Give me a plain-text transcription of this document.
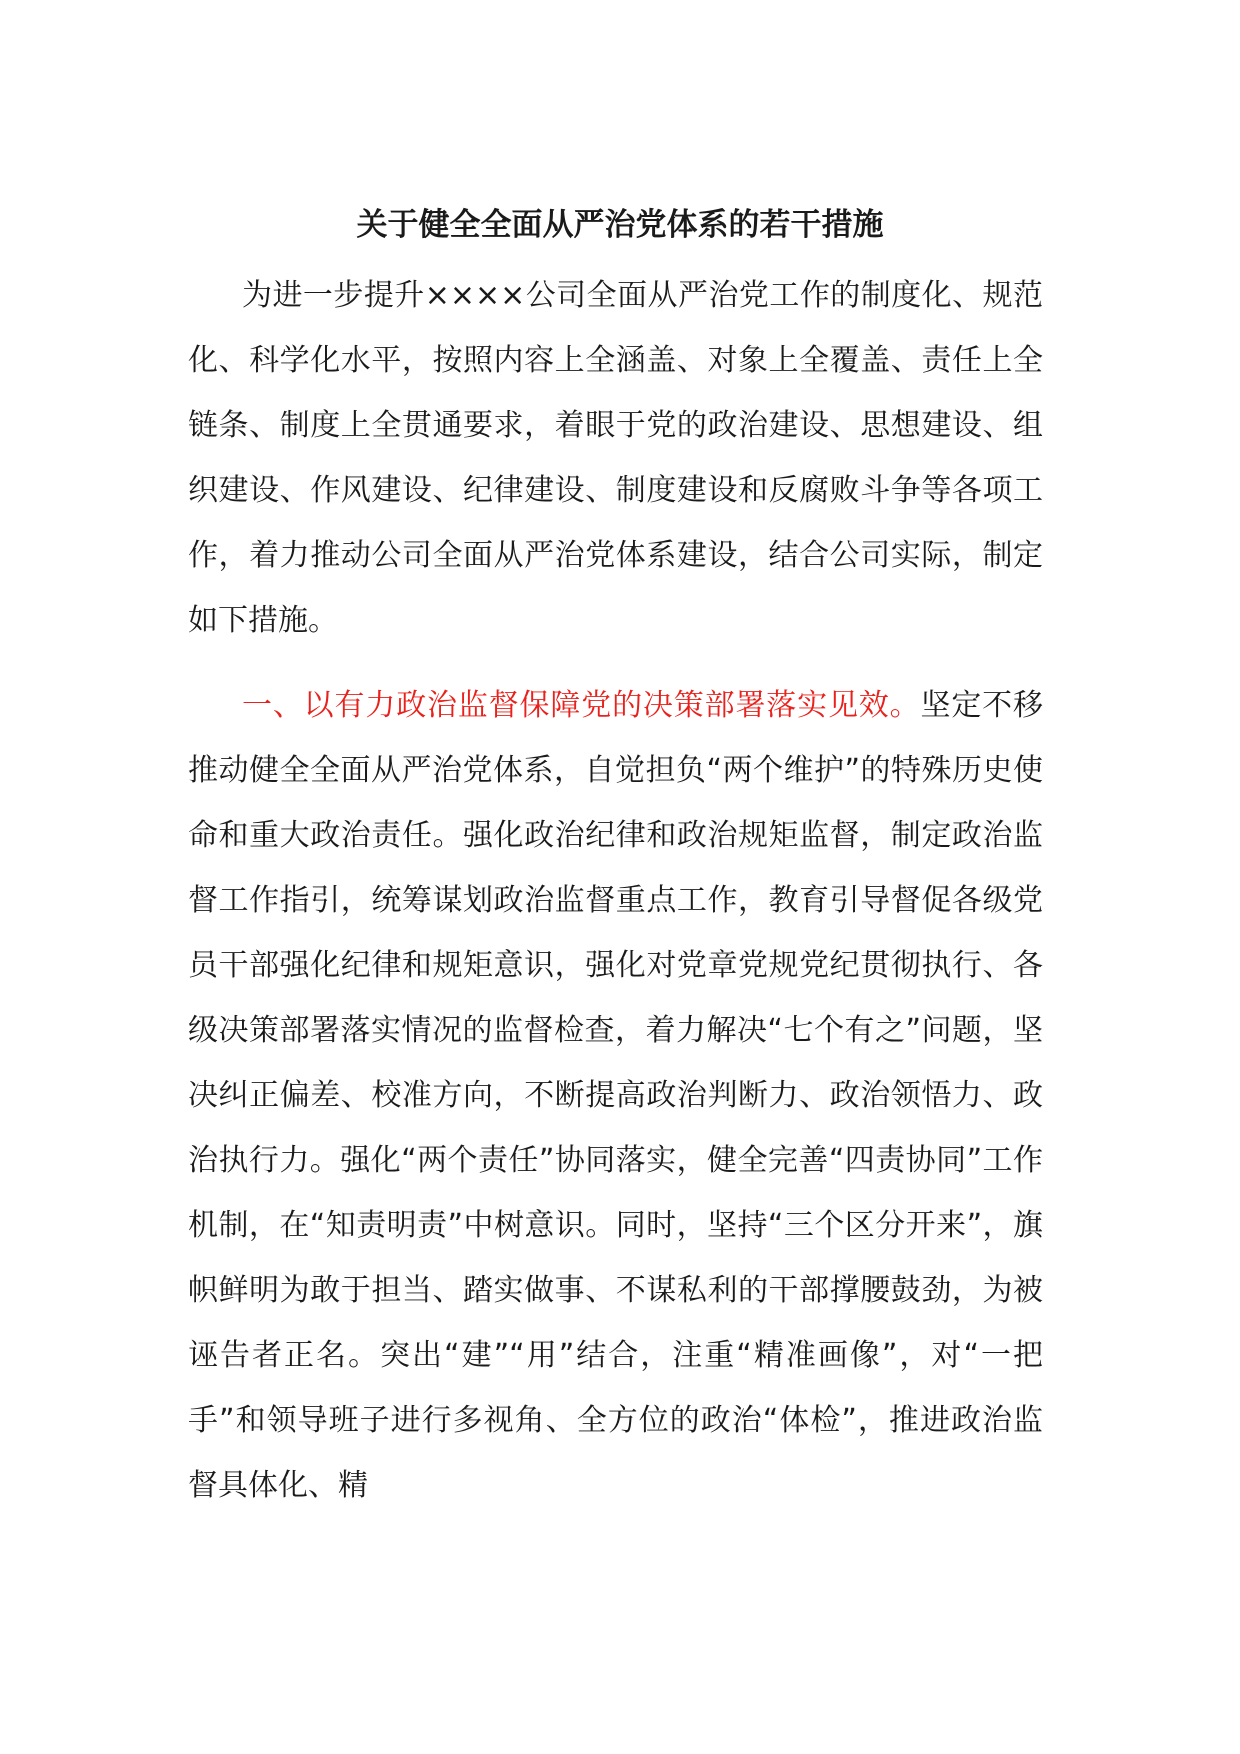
关于健全全面从严治党体系的若干措施

为进一步提升××××公司全面从严治党工作的制度化、规范化、科学化水平，按照内容上全涵盖、对象上全覆盖、责任上全链条、制度上全贯通要求，着眼于党的政治建设、思想建设、组织建设、作风建设、纪律建设、制度建设和反腐败斗争等各项工作，着力推动公司全面从严治党体系建设，结合公司实际，制定如下措施。

一、以有力政治监督保障党的决策部署落实见效。坚定不移推动健全全面从严治党体系，自觉担负“两个维护”的特殊历史使命和重大政治责任。强化政治纪律和政治规矩监督，制定政治监督工作指引，统筹谋划政治监督重点工作，教育引导督促各级党员干部强化纪律和规矩意识，强化对党章党规党纪贯彻执行、各级决策部署落实情况的监督检查，着力解决“七个有之”问题，坚决纠正偏差、校准方向，不断提高政治判断力、政治领悟力、政治执行力。强化“两个责任”协同落实，健全完善“四责协同”工作机制，在“知责明责”中树意识。同时，坚持“三个区分开来”，旗帜鲜明为敢于担当、踏实做事、不谋私利的干部撑腰鼓劲，为被诬告者正名。突出“建”“用”结合，注重“精准画像”，对“一把手”和领导班子进行多视角、全方位的政治“体检”，推进政治监督具体化、精
